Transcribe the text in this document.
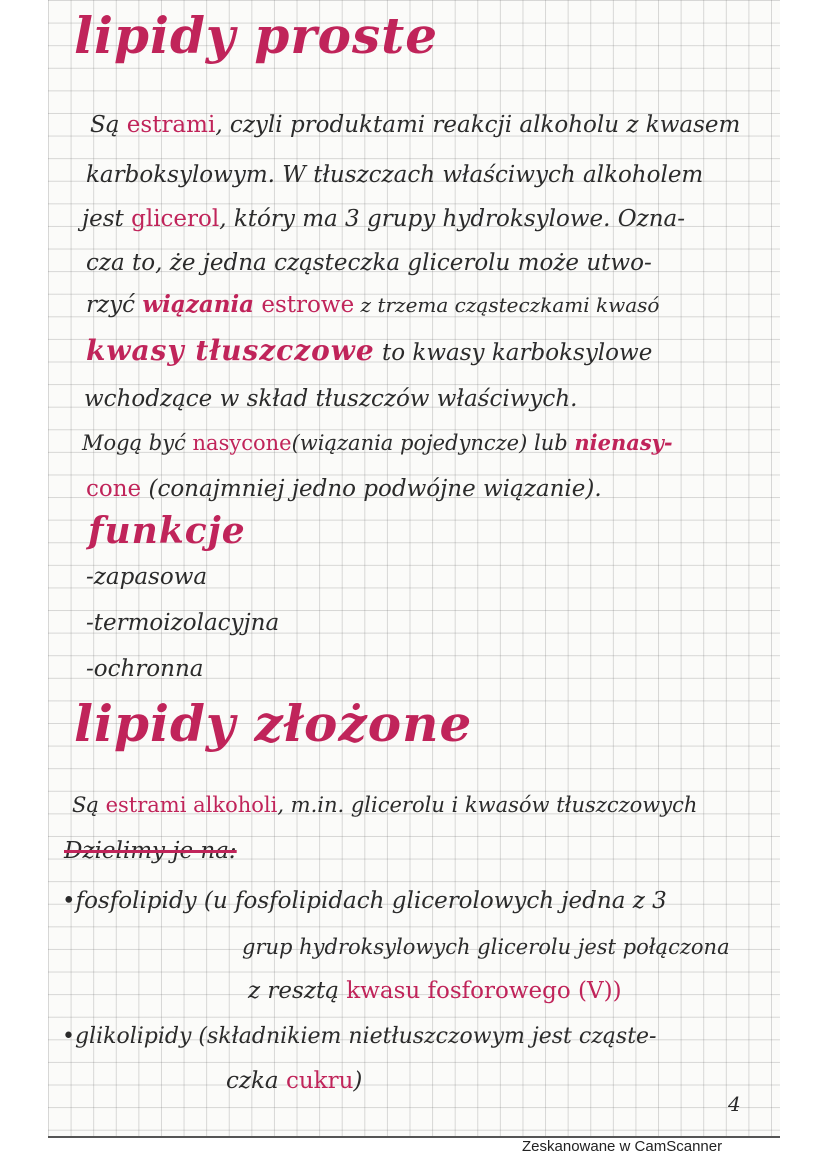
lipidy proste
Są estrami, czyli produktami reakcji alkoholu z kwasem
karboksylowym. W tłuszczach właściwych alkoholem
jest glicerol, który ma 3 grupy hydroksylowe. Ozna-
cza to, że jedna cząsteczka glicerolu może utwo-
rzyć wiązania estrowe z trzema cząsteczkami kwasó
kwasy tłuszczowe to kwasy karboksylowe
wchodzące w skład tłuszczów właściwych.
Mogą być nasycone(wiązania pojedyncze) lub nienasy-
cone (conajmniej jedno podwójne wiązanie).
funkcje
-zapasowa
-termoizolacyjna
-ochronna
lipidy złożone
Są estrami alkoholi, m.in. glicerolu i kwasów tłuszczowych
Dzielimy je na:
•fosfolipidy (u fosfolipidach glicerolowych jedna z 3
grup hydroksylowych glicerolu jest połączona
z resztą kwasu fosforowego (V))
•glikolipidy (składnikiem nietłuszczowym jest cząste-
czka cukru)
4
Zeskanowane w CamScanner
